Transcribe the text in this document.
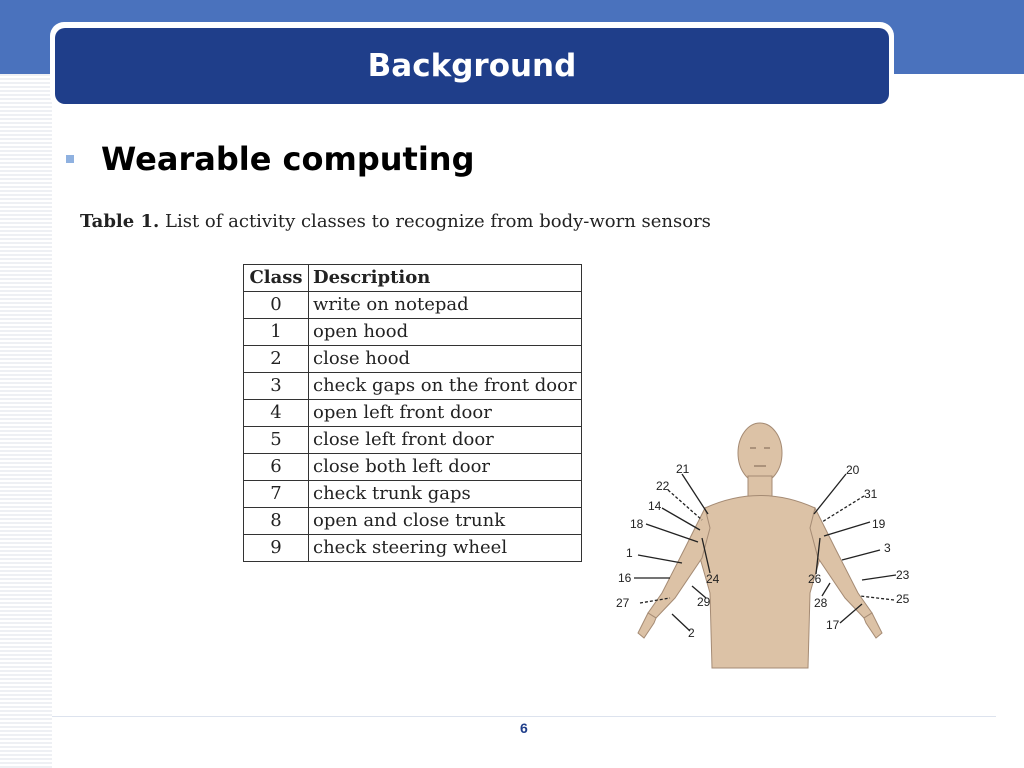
Background
Wearable computing
Table 1. List of activity classes to recognize from body-worn sensors
Class	Description
0	write on notepad
1	open hood
2	close hood
3	check gaps on the front door
4	open left front door
5	close left front door
6	close both left door
7	check trunk gaps
8	open and close trunk
9	check steering wheel
21
22
14
18
1
16
27
2
24
29
20
31
19
3
23
25
26
28
17
6
